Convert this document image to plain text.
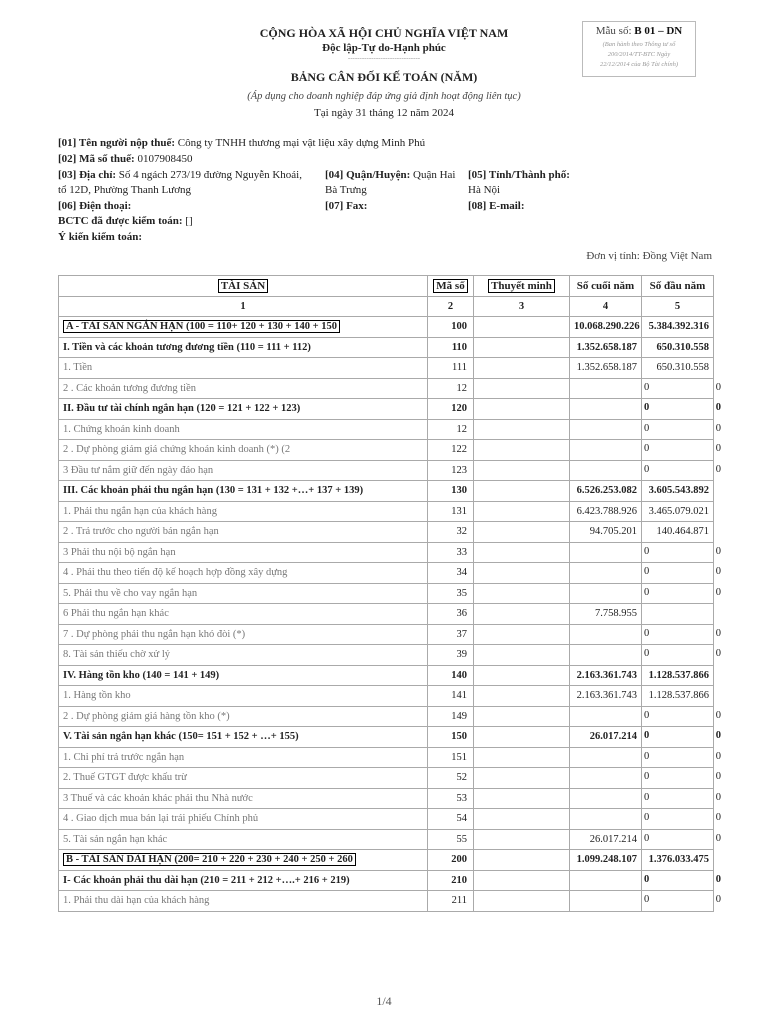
CỘNG HÒA XÃ HỘI CHỦ NGHĨA VIỆT NAM
Độc lập-Tự do-Hạnh phúc
-------------------------------
BẢNG CÂN ĐỐI KẾ TOÁN (NĂM)
(Áp dụng cho doanh nghiệp đáp ứng giả định hoạt động liên tục)
Tại ngày 31 tháng 12 năm 2024
Mẫu số: B 01 – DN
(Ban hành theo Thông tư số
200/2014/TT-BTC Ngày
22/12/2014 của Bộ Tài chính)
[01] Tên người nộp thuế: Công ty TNHH thương mại vật liệu xây dựng Minh Phú
[02] Mã số thuế: 0107908450
[03] Địa chỉ: Số 4 ngách 273/19 đường Nguyễn Khoái,
tổ 12D, Phường Thanh Lương
[04] Quận/Huyện: Quận Hai
Bà Trưng
[05] Tỉnh/Thành phố:
Hà Nội
[06] Điện thoại:	[07] Fax:	[08] E-mail:
BCTC đã được kiểm toán: []
Ý kiến kiểm toán:
Đơn vị tính: Đồng Việt Nam
TÀI SẢN	Mã số	Thuyết minh	Số cuối năm	Số đầu năm
1	2	3	4	5
A - TÀI SẢN NGẮN HẠN (100 = 110+ 120 + 130 + 140 + 150	100		10.068.290.226	5.384.392.316
I. Tiền và các khoản tương đương tiền (110 = 111 + 112)	110		1.352.658.187	650.310.558
1. Tiền	111		1.352.658.187	650.310.558
2 . Các khoản tương đương tiền	12			0 0

II. Đầu tư tài chính ngắn hạn (120 = 121 + 122 + 123)	120			0 0

1. Chứng khoán kinh doanh	12			0 0

2 . Dự phòng giảm giá chứng khoán kinh doanh (*) (2	122			0 0

3 Đầu tư nắm giữ đến ngày đáo hạn	123			0 0

III. Các khoản phải thu ngắn hạn (130 = 131 + 132 +…+ 137 + 139)	130		6.526.253.082	3.605.543.892
1. Phải thu ngắn hạn của khách hàng	131		6.423.788.926	3.465.079.021
2 . Trả trước cho người bán ngắn hạn	32		94.705.201	140.464.871
3 Phải thu nội bộ ngắn hạn	33			0 0

4 . Phải thu theo tiến độ kế hoạch hợp đồng xây dựng	34			0 0

5. Phải thu về cho vay ngắn hạn	35			0 0

6 Phải thu ngắn hạn khác	36		7.758.955	
7 . Dự phòng phải thu ngắn hạn khó đòi (*)	37			0 0

8. Tài sản thiếu chờ xử lý	39			0 0

IV. Hàng tồn kho (140 = 141 + 149)	140		2.163.361.743	1.128.537.866
1. Hàng tồn kho	141		2.163.361.743	1.128.537.866
2 . Dự phòng giảm giá hàng tồn kho (*)	149			0 0

V. Tài sản ngắn hạn khác (150= 151 + 152 + …+ 155)	150		26.017.214	0 0

1. Chi phí trả trước ngắn hạn	151			0 0

2. Thuế GTGT được khấu trừ	52			0 0

3 Thuế và các khoản khác phải thu Nhà nước	53			0 0

4 . Giao dịch mua bán lại trái phiếu Chính phủ	54			0 0

5. Tài sản ngắn hạn khác	55		26.017.214	0 0

B - TÀI SẢN DÀI HẠN (200= 210 + 220 + 230 + 240 + 250 + 260	200		1.099.248.107	1.376.033.475
I- Các khoản phải thu dài hạn (210 = 211 + 212 +….+ 216 + 219)	210			0 0

1. Phải thu dài hạn của khách hàng	211			0 0
1/4
